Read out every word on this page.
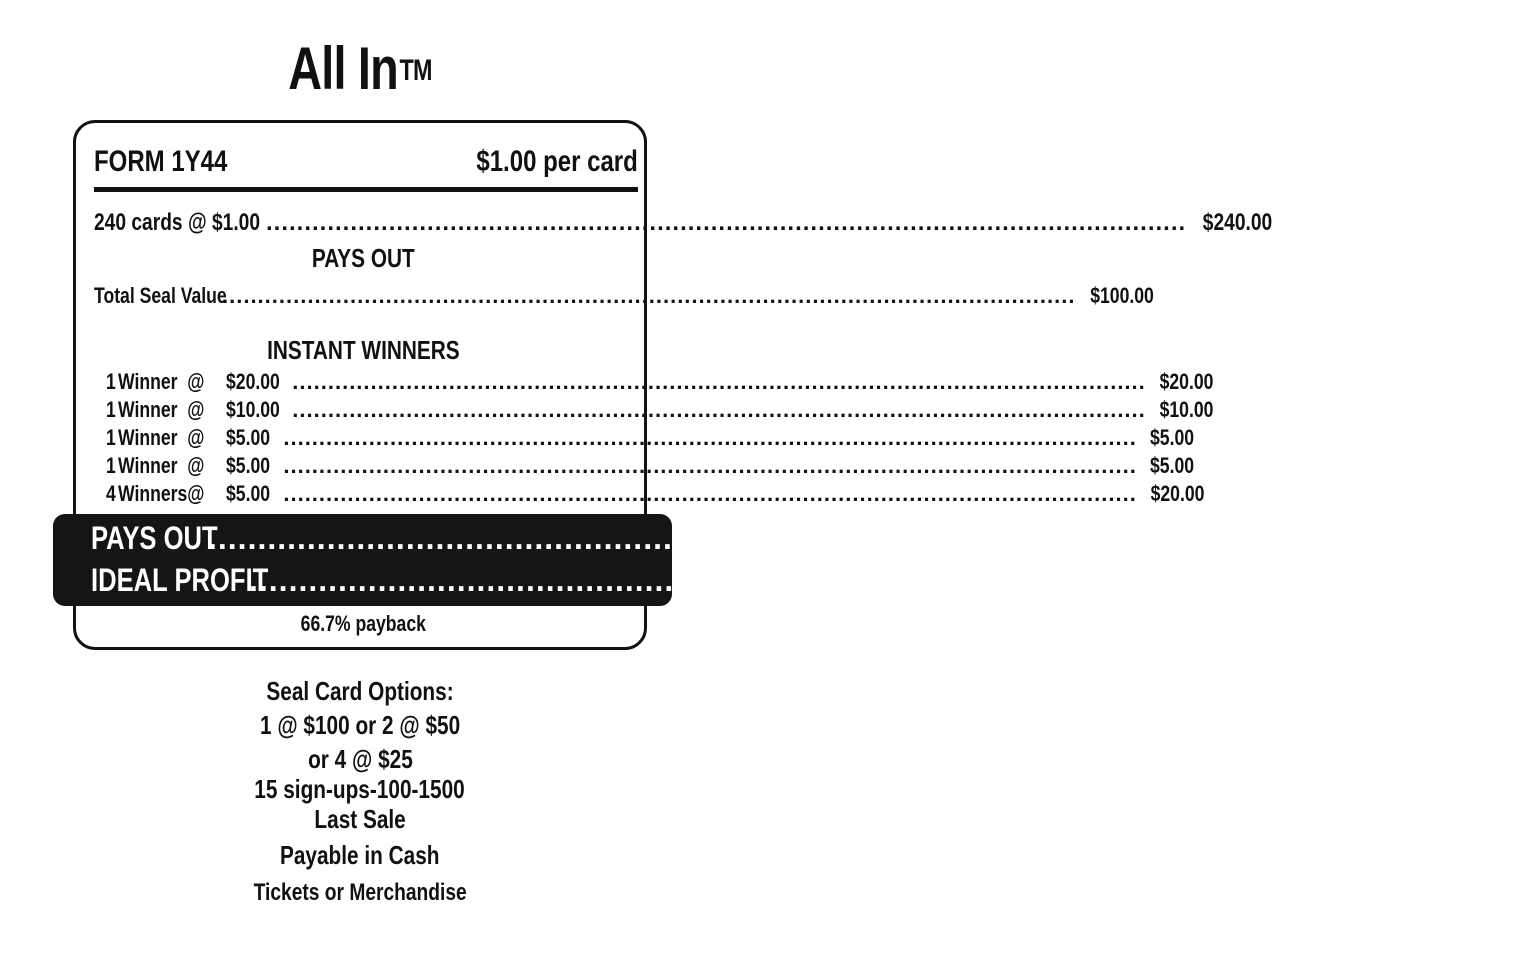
All In™
FORM 1Y44	$1.00 per card
240 cards @ $1.00 ........................................................................................................................ $240.00
PAYS OUT
Total Seal Value
........................................................................................................................ $100.00
INSTANT WINNERS
1 Winner  @ $20.00 ........................................................................................................................ $20.00
1 Winner  @ $10.00 ........................................................................................................................ $10.00
1 Winner  @ $5.00 ........................................................................................................................ $5.00
1 Winner  @ $5.00 ........................................................................................................................ $5.00
4 Winners@ $5.00 ........................................................................................................................ $20.00
66.7% payback
PAYS OUT
........................................................................................................................ $160.00
IDEAL PROFIT
........................................................................................................................ $80.00
Seal Card Options:
1 @ $100 or 2 @ $50
or 4 @ $25
15 sign-ups-100-1500
Last Sale
Payable in Cash
Tickets or Merchandise
